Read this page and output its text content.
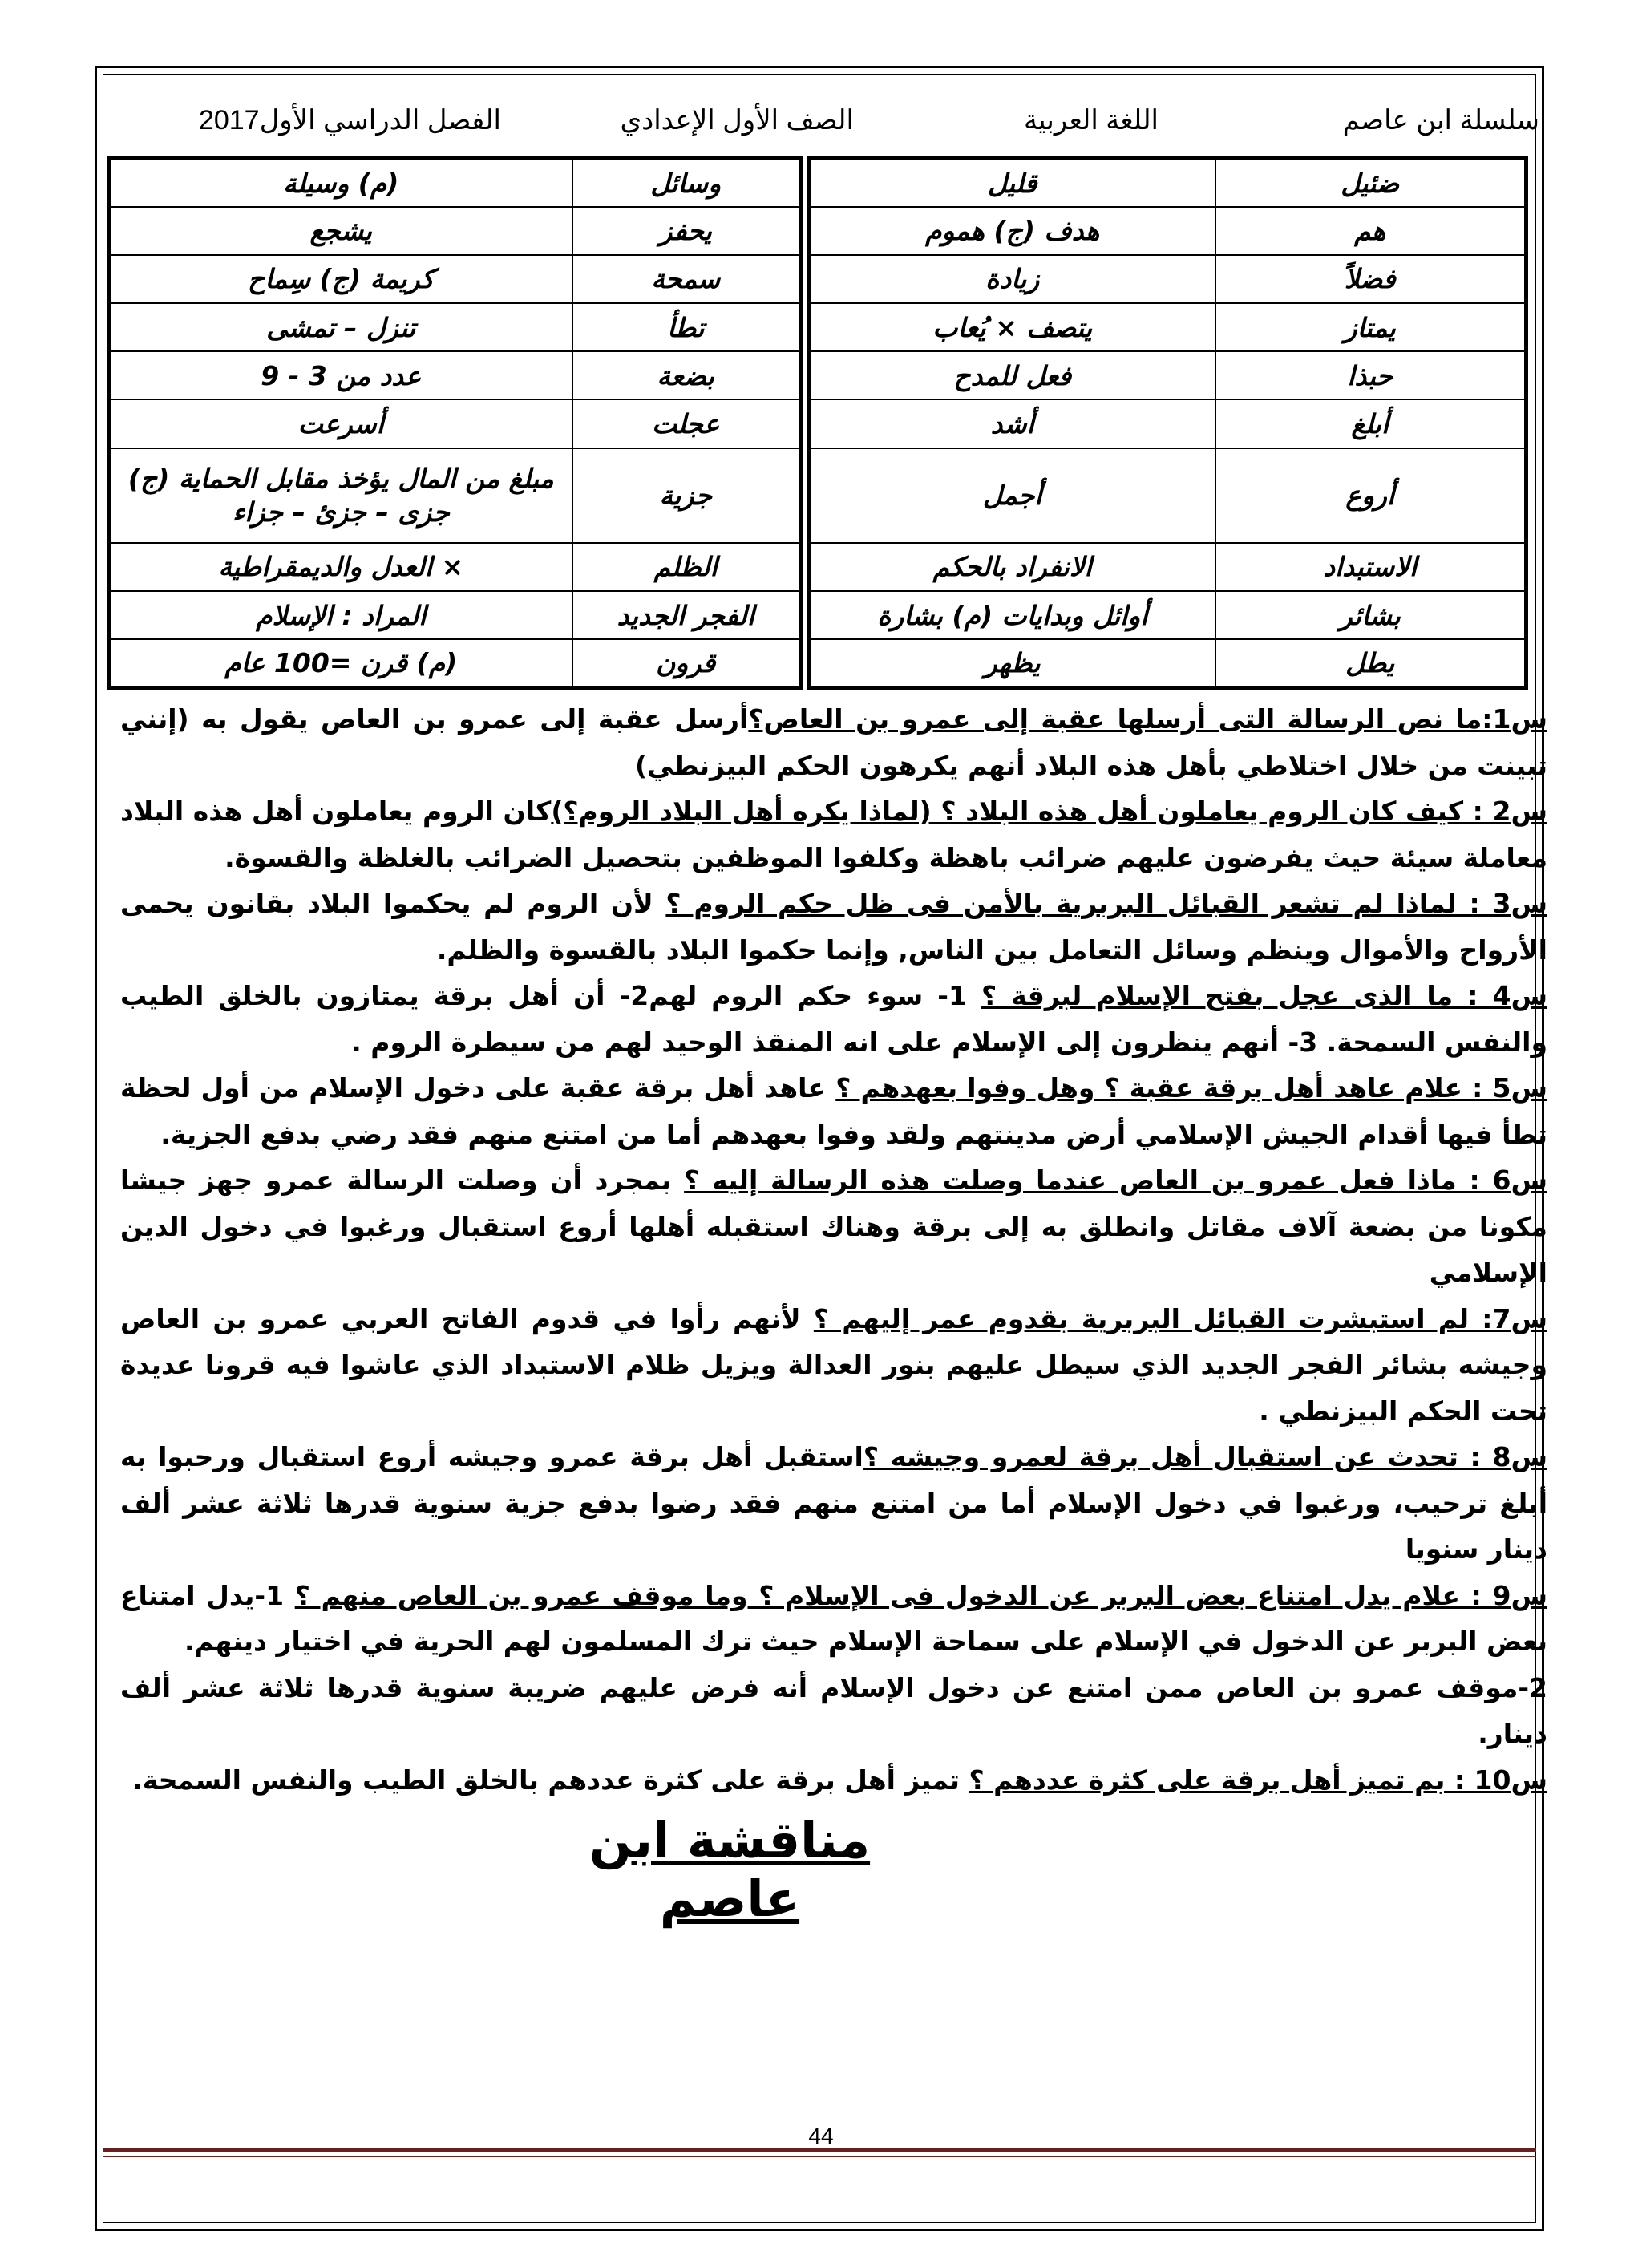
سلسلة ابن عاصم
اللغة العربية
الصف الأول الإعدادي
الفصل الدراسي الأول2017
ضئيل	قليل
هم	هدف (ج) هموم
فضلاً	زيادة
يمتاز	يتصف × يُعاب
حبذا	فعل للمدح
أبلغ	أشد
أروع	أجمل
الاستبداد	الانفراد بالحكم
بشائر	أوائل وبدايات (م) بشارة
يطل	يظهر
وسائل	(م) وسيلة
يحفز	يشجع
سمحة	كريمة (ج) سِماح
تطأ	تنزل – تمشى
بضعة	عدد من 3 - 9
عجلت	أسرعت
جزية	مبلغ من المال يؤخذ مقابل الحماية (ج) جزى – جزئ – جزاء
الظلم	× العدل والديمقراطية
الفجر الجديد	المراد : الإسلام
قرون	(م) قرن =100 عام

س1:ما نص الرسالة التى أرسلها عقبة إلى عمرو بن العاص؟أرسل عقبة إلى عمرو بن العاص يقول به (إنني تبينت من خلال اختلاطي بأهل هذه البلاد أنهم يكرهون الحكم البيزنطي)

س2 : كيف كان الروم يعاملون أهل هذه البلاد ؟ (لماذا يكره أهل البلاد الروم؟)كان الروم يعاملون أهل هذه البلاد معاملة سيئة حيث يفرضون عليهم ضرائب باهظة وكلفوا الموظفين بتحصيل الضرائب بالغلظة والقسوة.

س3 : لماذا لم تشعر القبائل البربرية بالأمن فى ظل حكم الروم ؟ لأن الروم لم يحكموا البلاد بقانون يحمى الأرواح والأموال وينظم وسائل التعامل بين الناس, وإنما حكموا البلاد بالقسوة والظلم.

س4 : ما الذى عجل بفتح الإسلام لبرقة ؟ 1- سوء حكم الروم لهم2- أن أهل برقة يمتازون بالخلق الطيب والنفس السمحة. 3- أنهم ينظرون إلى الإسلام على انه المنقذ الوحيد لهم من سيطرة الروم .

س5 : علام عاهد أهل برقة عقبة ؟ وهل وفوا بعهدهم ؟ عاهد أهل برقة عقبة على دخول الإسلام من أول لحظة تطأ فيها أقدام الجيش الإسلامي أرض مدينتهم ولقد وفوا بعهدهم أما من امتنع منهم فقد رضي بدفع الجزية.

س6 : ماذا فعل عمرو بن العاص عندما وصلت هذه الرسالة إليه ؟ بمجرد أن وصلت الرسالة عمرو جهز جيشا مكونا من بضعة آلاف مقاتل وانطلق به إلى برقة وهناك استقبله أهلها أروع استقبال ورغبوا في دخول الدين الإسلامي

س7: لم استبشرت القبائل البربرية بقدوم عمر إليهم ؟ لأنهم رأوا في قدوم الفاتح العربي عمرو بن العاص وجيشه بشائر الفجر الجديد الذي سيطل عليهم بنور العدالة ويزيل ظلام الاستبداد الذي عاشوا فيه قرونا عديدة تحت الحكم البيزنطي .

س8 : تحدث عن استقبال أهل برقة لعمرو وجيشه ؟استقبل أهل برقة عمرو وجيشه أروع استقبال ورحبوا به أبلغ ترحيب، ورغبوا في دخول الإسلام أما من امتنع منهم فقد رضوا بدفع جزية سنوية قدرها ثلاثة عشر ألف دينار سنويا

س9 : علام يدل امتناع بعض البربر عن الدخول فى الإسلام ؟ وما موقف عمرو بن العاص منهم ؟ 1-يدل امتناع بعض البربر عن الدخول في الإسلام على سماحة الإسلام حيث ترك المسلمون لهم الحرية في اختيار دينهم.

2-موقف عمرو بن العاص ممن امتنع عن دخول الإسلام أنه فرض عليهم ضريبة سنوية قدرها ثلاثة عشر ألف دينار.

س10 : بم تميز أهل برقة على كثرة عددهم ؟ تميز أهل برقة على كثرة عددهم بالخلق الطيب والنفس السمحة.

مناقشة ابن عاصم
44
